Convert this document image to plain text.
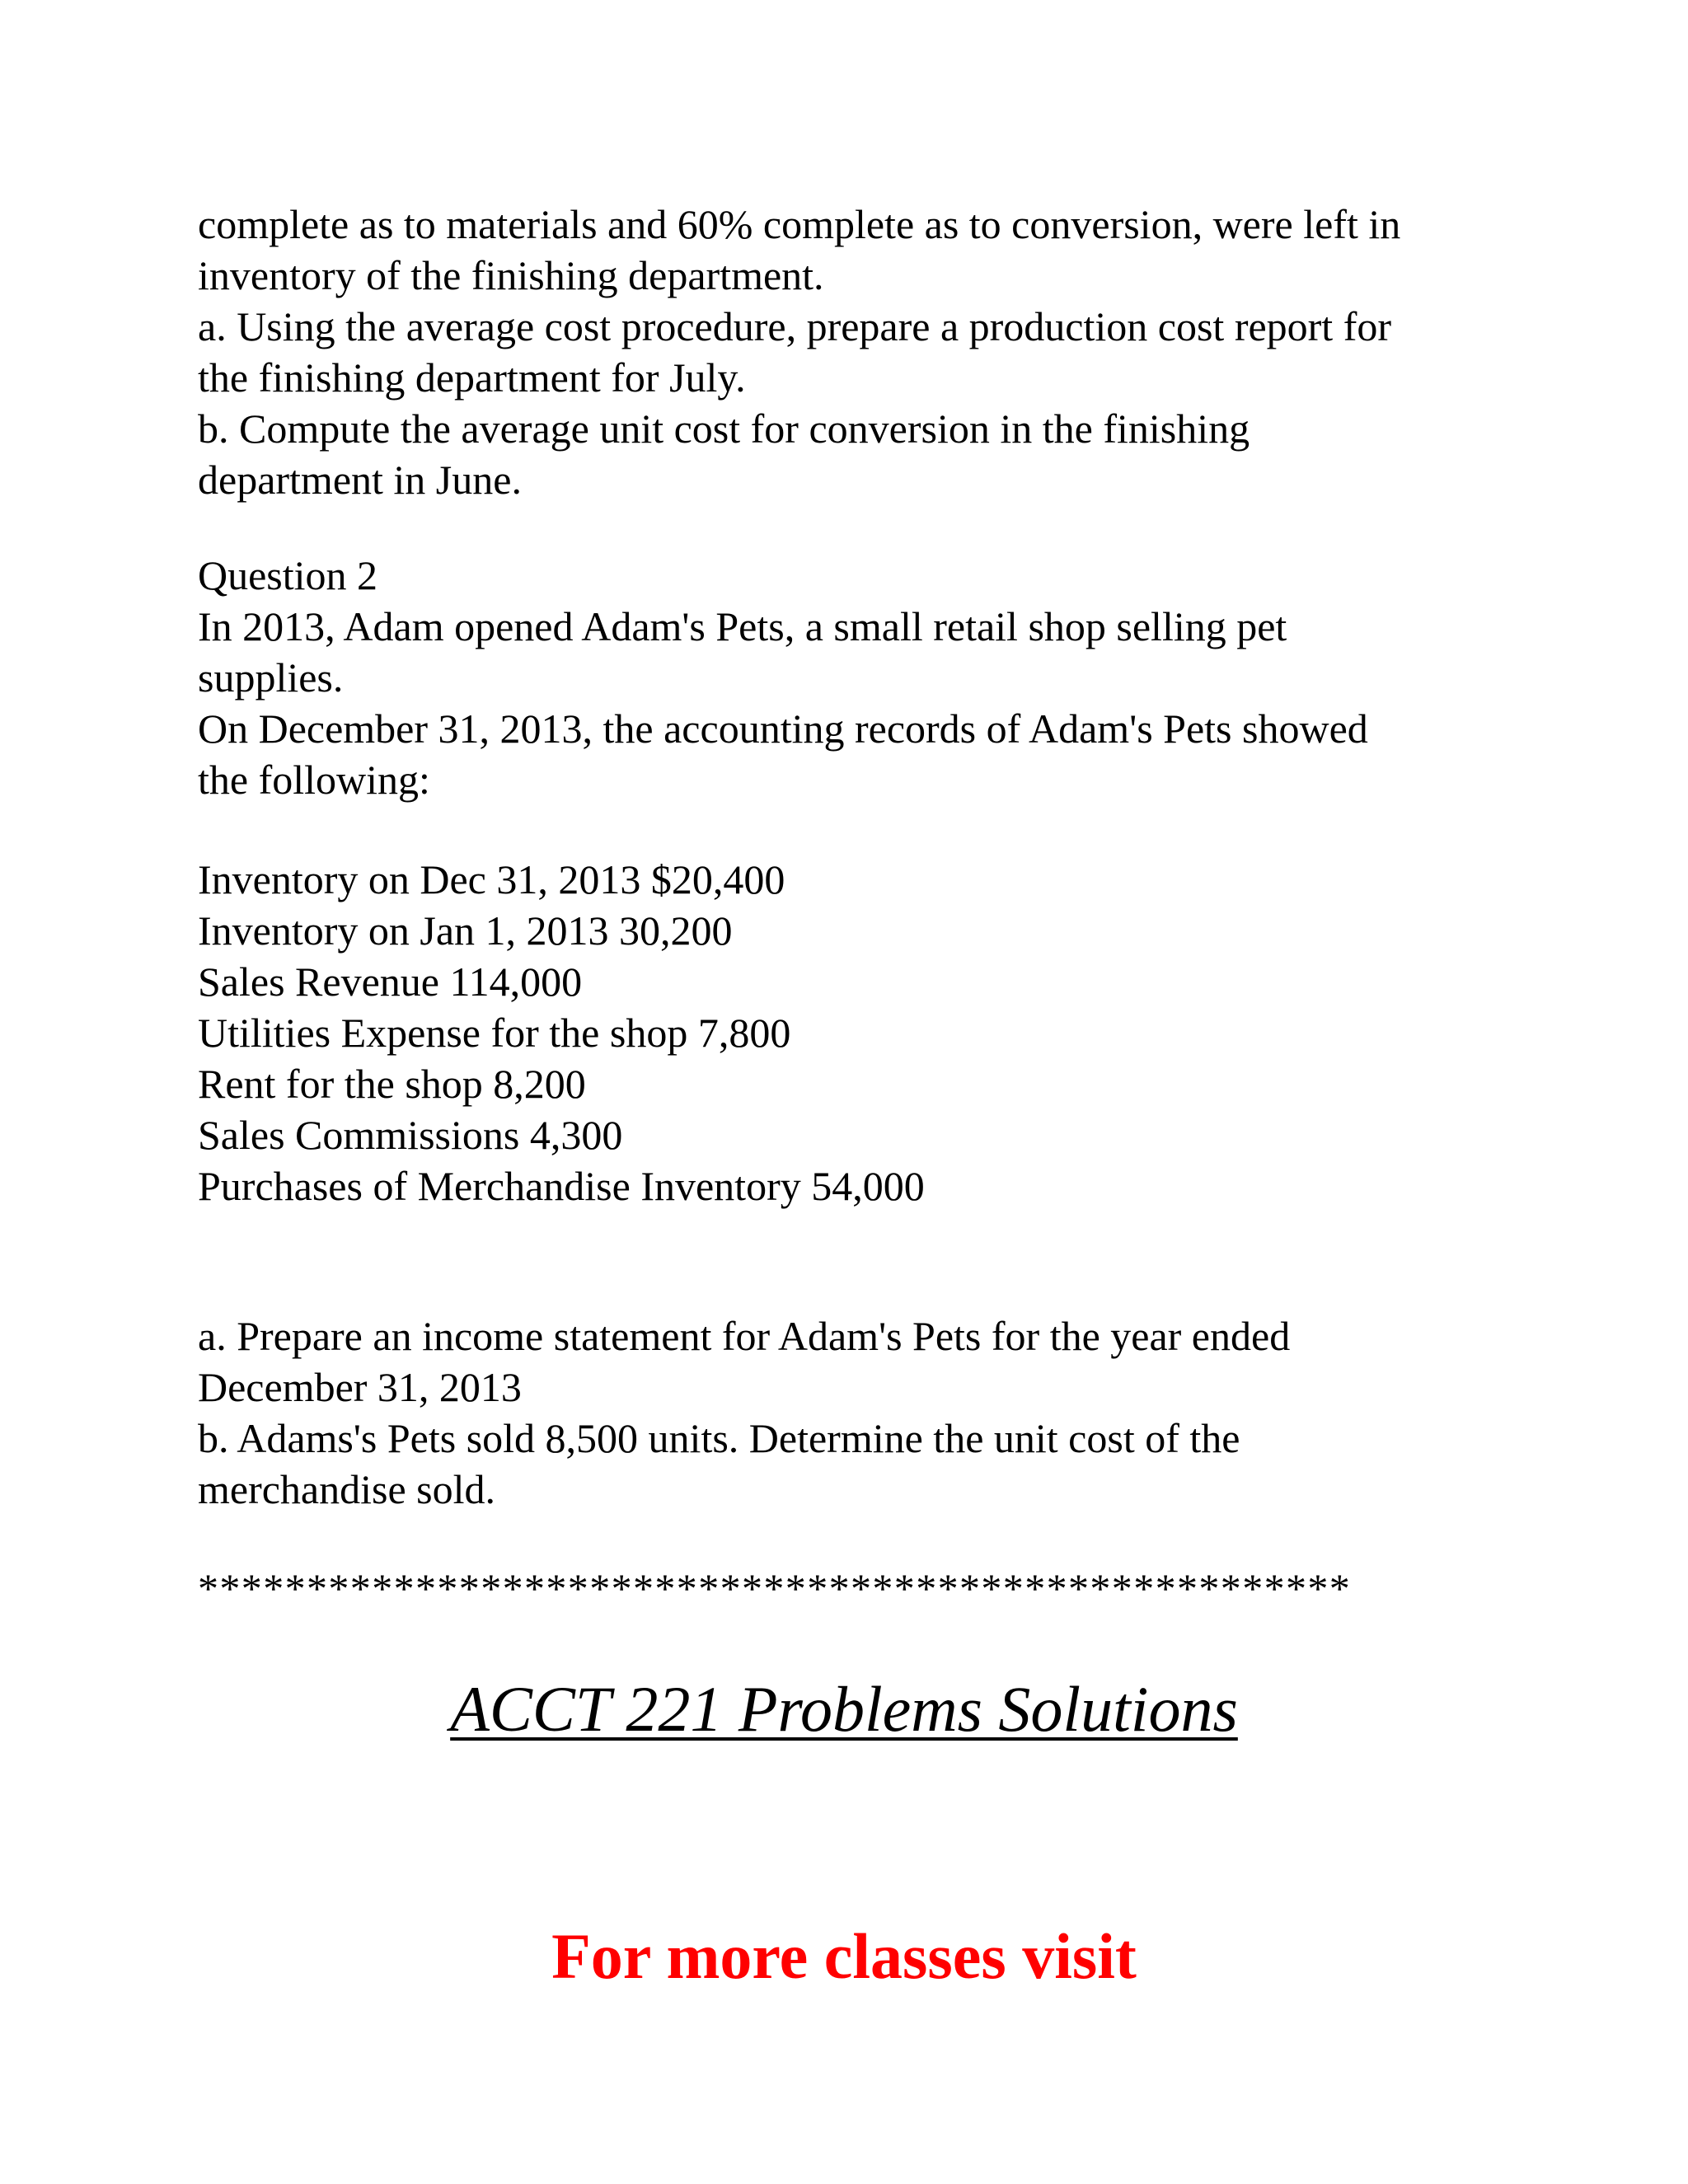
complete as to materials and 60% complete as to conversion, were left in
inventory of the finishing department.
a. Using the average cost procedure, prepare a production cost report for
the finishing department for July.
b. Compute the average unit cost for conversion in the finishing
department in June.
Question 2
In 2013, Adam opened Adam's Pets, a small retail shop selling pet
supplies.
On December 31, 2013, the accounting records of Adam's Pets showed
the following:
Inventory on Dec 31, 2013 $20,400
Inventory on Jan 1, 2013 30,200
Sales Revenue 114,000
Utilities Expense for the shop 7,800
Rent for the shop 8,200
Sales Commissions 4,300
Purchases of Merchandise Inventory 54,000
a. Prepare an income statement for Adam's Pets for the year ended
December 31, 2013
b. Adams's Pets sold 8,500 units. Determine the unit cost of the
merchandise sold.
*****************************************************
ACCT 221 Problems Solutions
For more classes visit
